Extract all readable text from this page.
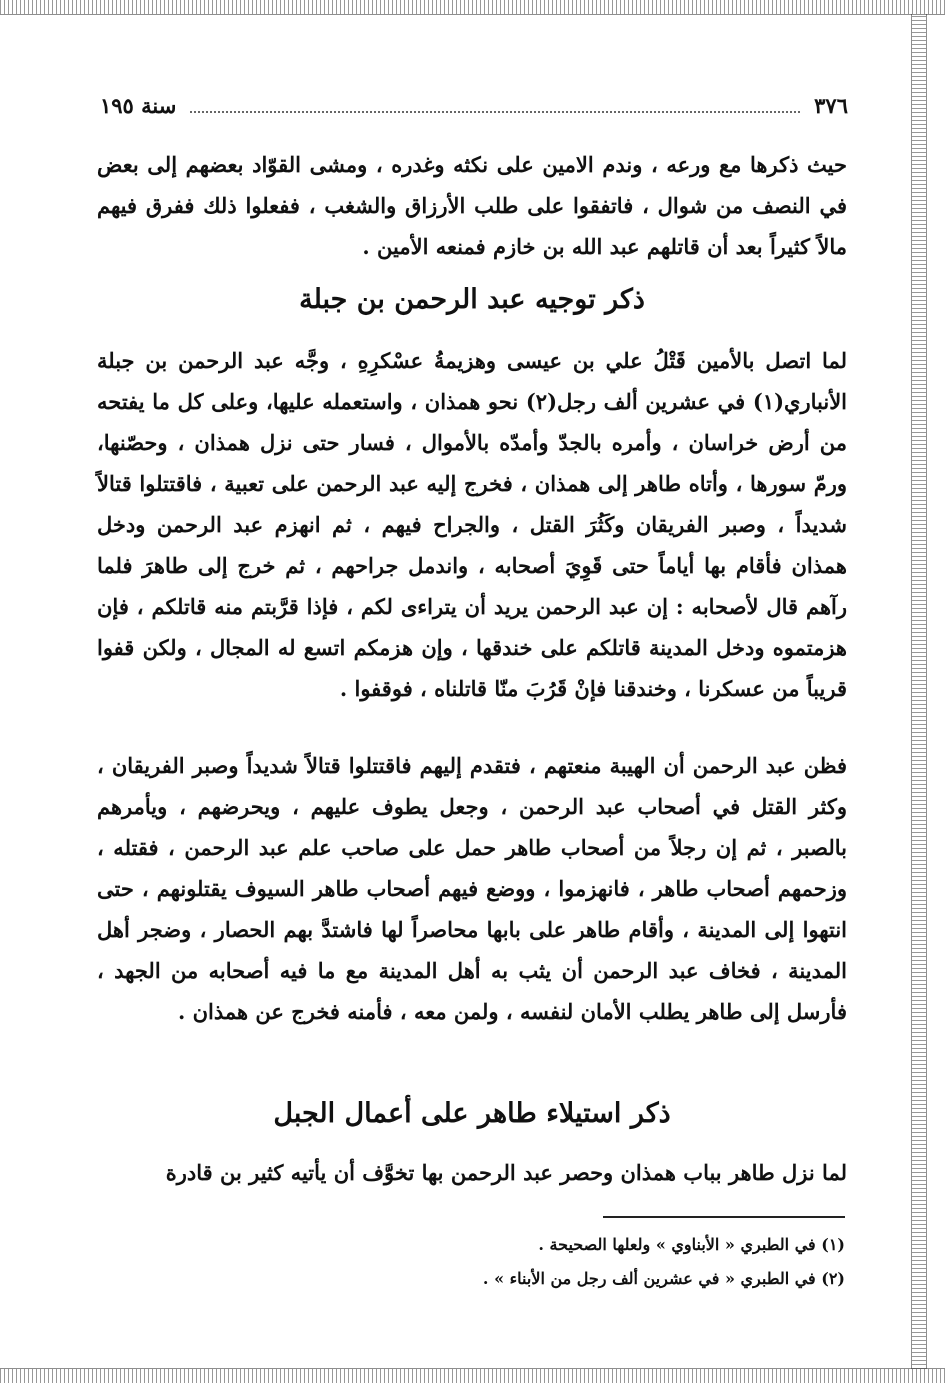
٣٧٦
سنة ١٩٥

حيث ذكرها مع ورعه ، وندم الامين على نكثه وغدره ، ومشى القوّاد بعضهم إلى بعض في النصف من شوال ، فاتفقوا على طلب الأرزاق والشغب ، ففعلوا ذلك ففرق فيهم مالاً كثيراً بعد أن قاتلهم عبد الله بن خازم فمنعه الأمين .

ذكر توجيه عبد الرحمن بن جبلة

لما اتصل بالأمين قَتْلُ علي بن عيسى وهزيمةُ عسْكرِهِ ، وجَّه عبد الرحمن بن جبلة الأنباري(١) في عشرين ألف رجل(٢) نحو همذان ، واستعمله عليها، وعلى كل ما يفتحه من أرض خراسان ، وأمره بالجدّ وأمدّه بالأموال ، فسار حتى نزل همذان ، وحصّنها، ورمّ سورها ، وأتاه طاهر إلى همذان ، فخرج إليه عبد الرحمن على تعبية ، فاقتتلوا قتالاً شديداً ، وصبر الفريقان وكَثُرَ القتل ، والجراح فيهم ، ثم انهزم عبد الرحمن ودخل همذان فأقام بها أياماً حتى قَوِيَ أصحابه ، واندمل جراحهم ، ثم خرج إلى طاهرَ فلما رآهم قال لأصحابه : إن عبد الرحمن يريد أن يتراءى لكم ، فإذا قرَّبتم منه قاتلكم ، فإن هزمتموه ودخل المدينة قاتلكم على خندقها ، وإن هزمكم اتسع له المجال ، ولكن قفوا قريباً من عسكرنا ، وخندقنا فإنْ قَرُبَ منّا قاتلناه ، فوقفوا .

فظن عبد الرحمن أن الهيبة منعتهم ، فتقدم إليهم فاقتتلوا قتالاً شديداً وصبر الفريقان ، وكثر القتل في أصحاب عبد الرحمن ، وجعل يطوف عليهم ، ويحرضهم ، ويأمرهم بالصبر ، ثم إن رجلاً من أصحاب طاهر حمل على صاحب علم عبد الرحمن ، فقتله ، وزحمهم أصحاب طاهر ، فانهزموا ، ووضع فيهم أصحاب طاهر السيوف يقتلونهم ، حتى انتهوا إلى المدينة ، وأقام طاهر على بابها محاصراً لها فاشتدَّ بهم الحصار ، وضجر أهل المدينة ، فخاف عبد الرحمن أن يثب به أهل المدينة مع ما فيه أصحابه من الجهد ، فأرسل إلى طاهر يطلب الأمان لنفسه ، ولمن معه ، فأمنه فخرج عن همذان .

ذكر استيلاء طاهر على أعمال الجبل

لما نزل طاهر بباب همذان وحصر عبد الرحمن بها تخوَّف أن يأتيه كثير بن قادرة

(١) في الطبري « الأبناوي » ولعلها الصحيحة .
(٢) في الطبري « في عشرين ألف رجل من الأبناء » .
